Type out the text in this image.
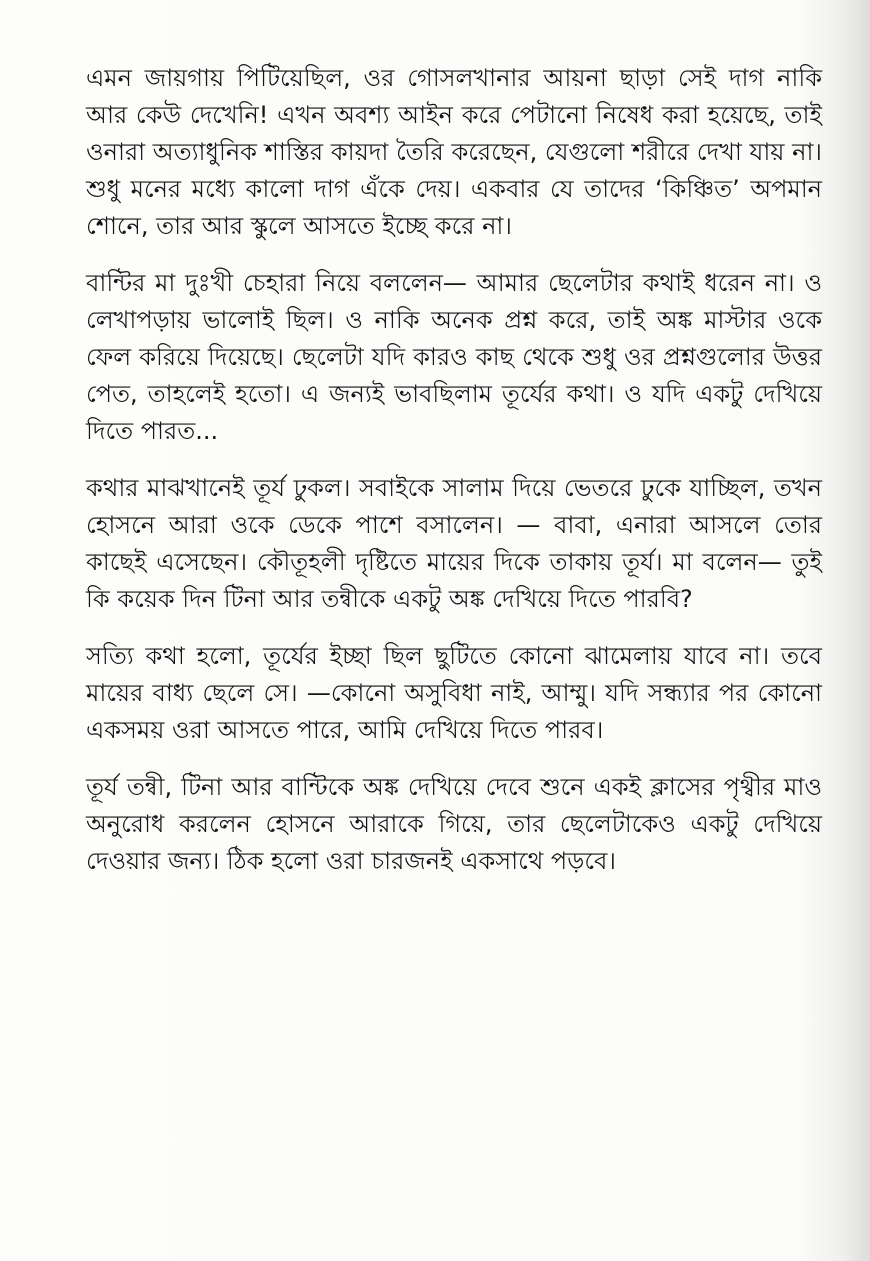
এমন জায়গায় পিটিয়েছিল, ওর গোসলখানার আয়না ছাড়া সেই দাগ নাকি আর কেউ দেখেনি! এখন অবশ্য আইন করে পেটানো নিষেধ করা হয়েছে, তাই ওনারা অত্যাধুনিক শাস্তির কায়দা তৈরি করেছেন, যেগুলো শরীরে দেখা যায় না। শুধু মনের মধ্যে কালো দাগ এঁকে দেয়। একবার যে তাদের ‘কিঞ্চিত’ অপমান শোনে, তার আর স্কুলে আসতে ইচ্ছে করে না।

বান্টির মা দুঃখী চেহারা নিয়ে বললেন— আমার ছেলেটার কথাই ধরেন না। ও লেখাপড়ায় ভালোই ছিল। ও নাকি অনেক প্রশ্ন করে, তাই অঙ্ক মাস্টার ওকে ফেল করিয়ে দিয়েছে। ছেলেটা যদি কারও কাছ থেকে শুধু ওর প্রশ্নগুলোর উত্তর পেত, তাহলেই হতো। এ জন্যই ভাবছিলাম তূর্যের কথা। ও যদি একটু দেখিয়ে দিতে পারত...

কথার মাঝখানেই তূর্য ঢুকল। সবাইকে সালাম দিয়ে ভেতরে ঢুকে যাচ্ছিল, তখন হোসনে আরা ওকে ডেকে পাশে বসালেন। — বাবা, এনারা আসলে তোর কাছেই এসেছেন। কৌতূহলী দৃষ্টিতে মায়ের দিকে তাকায় তূর্য। মা বলেন— তুই কি কয়েক দিন টিনা আর তন্বীকে একটু অঙ্ক দেখিয়ে দিতে পারবি?

সত্যি কথা হলো, তূর্যের ইচ্ছা ছিল ছুটিতে কোনো ঝামেলায় যাবে না। তবে মায়ের বাধ্য ছেলে সে। —কোনো অসুবিধা নাই, আম্মু। যদি সন্ধ্যার পর কোনো একসময় ওরা আসতে পারে, আমি দেখিয়ে দিতে পারব।

তূর্য তন্বী, টিনা আর বান্টিকে অঙ্ক দেখিয়ে দেবে শুনে একই ক্লাসের পৃথ্বীর মাও অনুরোধ করলেন হোসনে আরাকে গিয়ে, তার ছেলেটাকেও একটু দেখিয়ে দেওয়ার জন্য। ঠিক হলো ওরা চারজনই একসাথে পড়বে।
